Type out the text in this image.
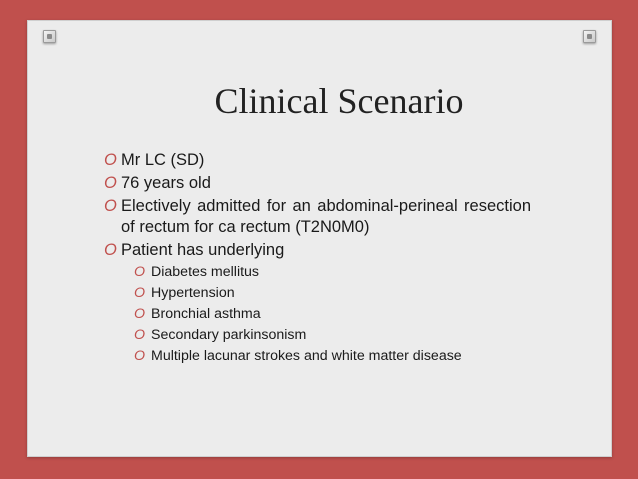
Clinical Scenario
O Mr LC (SD)
O 76 years old
O Electively admitted for an abdominal-perineal resection of rectum for ca rectum (T2N0M0)
O Patient has underlying
O Diabetes mellitus
O Hypertension
O Bronchial asthma
O Secondary parkinsonism
O Multiple lacunar strokes and white matter disease
